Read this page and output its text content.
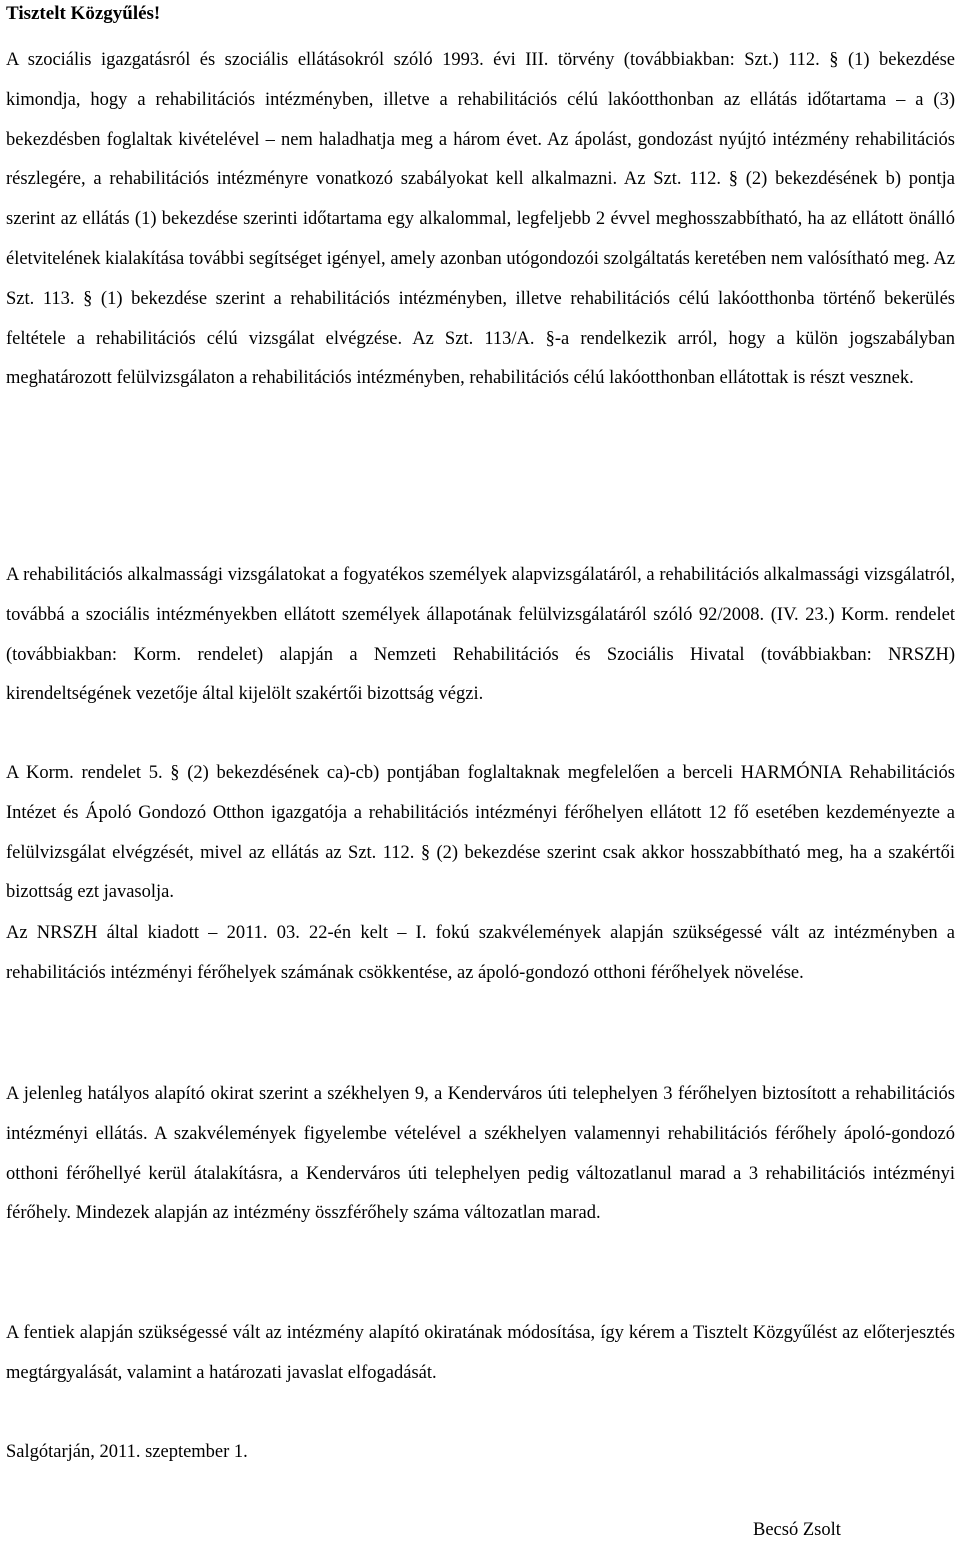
Tisztelt Közgyűlés!

A szociális igazgatásról és szociális ellátásokról szóló 1993. évi III. törvény (továbbiakban: Szt.) 112. § (1) bekezdése kimondja, hogy a rehabilitációs intézményben, illetve a rehabilitációs célú lakóotthonban az ellátás időtartama – a (3) bekezdésben foglaltak kivételével – nem haladhatja meg a három évet. Az ápolást, gondozást nyújtó intézmény rehabilitációs részlegére, a rehabilitációs intézményre vonatkozó szabályokat kell alkalmazni. Az Szt. 112. § (2) bekezdésének b) pontja szerint az ellátás (1) bekezdése szerinti időtartama egy alkalommal, legfeljebb 2 évvel meghosszabbítható, ha az ellátott önálló életvitelének kialakítása további segítséget igényel, amely azonban utógondozói szolgáltatás keretében nem valósítható meg. Az Szt. 113. § (1) bekezdése szerint a rehabilitációs intézményben, illetve rehabilitációs célú lakóotthonba történő bekerülés feltétele a rehabilitációs célú vizsgálat elvégzése. Az Szt. 113/A. §-a rendelkezik arról, hogy a külön jogszabályban meghatározott felülvizsgálaton a rehabilitációs intézményben, rehabilitációs célú lakóotthonban ellátottak is részt vesznek.

A rehabilitációs alkalmassági vizsgálatokat a fogyatékos személyek alapvizsgálatáról, a rehabilitációs alkalmassági vizsgálatról, továbbá a szociális intézményekben ellátott személyek állapotának felülvizsgálatáról szóló 92/2008. (IV. 23.) Korm. rendelet (továbbiakban: Korm. rendelet) alapján a Nemzeti Rehabilitációs és Szociális Hivatal (továbbiakban: NRSZH) kirendeltségének vezetője által kijelölt szakértői bizottság végzi.

A Korm. rendelet 5. § (2) bekezdésének ca)-cb) pontjában foglaltaknak megfelelően a berceli HARMÓNIA Rehabilitációs Intézet és Ápoló Gondozó Otthon igazgatója a rehabilitációs intézményi férőhelyen ellátott 12 fő esetében kezdeményezte a felülvizsgálat elvégzését, mivel az ellátás az Szt. 112. § (2) bekezdése szerint csak akkor hosszabbítható meg, ha a szakértői bizottság ezt javasolja.

Az NRSZH által kiadott – 2011. 03. 22-én kelt – I. fokú szakvélemények alapján szükségessé vált az intézményben a rehabilitációs intézményi férőhelyek számának csökkentése, az ápoló-gondozó otthoni férőhelyek növelése.

A jelenleg hatályos alapító okirat szerint a székhelyen 9, a Kenderváros úti telephelyen 3 férőhelyen biztosított a rehabilitációs intézményi ellátás. A szakvélemények figyelembe vételével a székhelyen valamennyi rehabilitációs férőhely ápoló-gondozó otthoni férőhellyé kerül átalakításra, a Kenderváros úti telephelyen pedig változatlanul marad a 3 rehabilitációs intézményi férőhely. Mindezek alapján az intézmény összférőhely száma változatlan marad.

A fentiek alapján szükségessé vált az intézmény alapító okiratának módosítása, így kérem a Tisztelt Közgyűlést az előterjesztés megtárgyalását, valamint a határozati javaslat elfogadását.

Salgótarján, 2011. szeptember 1.

Becsó Zsolt
